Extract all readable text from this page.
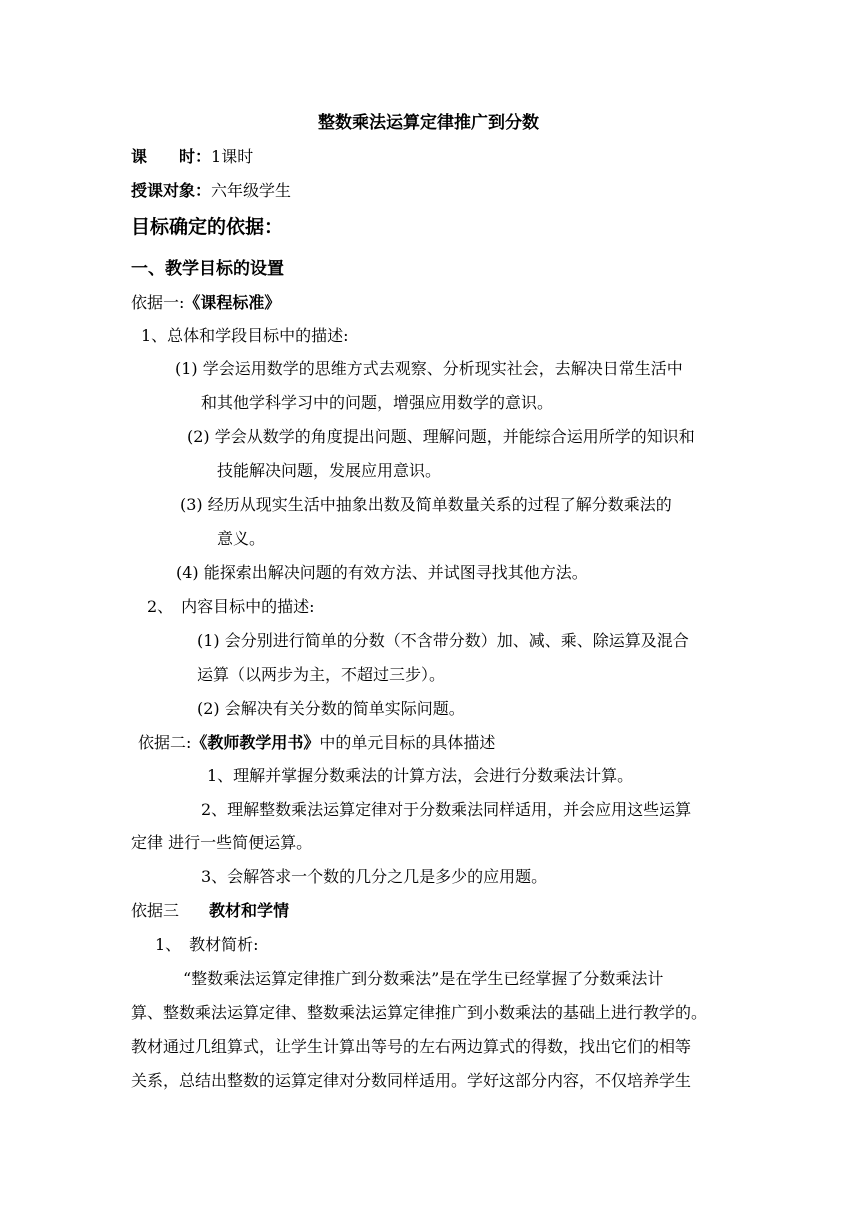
整数乘法运算定律推广到分数
课　　时：1课时
授课对象：六年级学生
目标确定的依据：
一、教学目标的设置
依据一:《课程标准》
1、总体和学段目标中的描述:
(1) 学会运用数学的思维方式去观察、分析现实社会，去解决日常生活中
和其他学科学习中的问题，增强应用数学的意识。
(2) 学会从数学的角度提出问题、理解问题，并能综合运用所学的知识和
技能解决问题，发展应用意识。
(3) 经历从现实生活中抽象出数及简单数量关系的过程了解分数乘法的
意义。
(4) 能探索出解决问题的有效方法、并试图寻找其他方法。
2、　内容目标中的描述:
(1) 会分别进行简单的分数（不含带分数）加、减、乘、除运算及混合
运算（以两步为主，不超过三步）。
(2) 会解决有关分数的简单实际问题。
依据二:《教师教学用书》中的单元目标的具体描述
1、理解并掌握分数乘法的计算方法，会进行分数乘法计算。
2、理解整数乘法运算定律对于分数乘法同样适用，并会应用这些运算
定律 进行一些简便运算。
3、会解答求一个数的几分之几是多少的应用题。
依据三 教材和学情
1、　教材简析:
“整数乘法运算定律推广到分数乘法”是在学生已经掌握了分数乘法计
算、整数乘法运算定律、整数乘法运算定律推广到小数乘法的基础上进行教学的。
教材通过几组算式，让学生计算出等号的左右两边算式的得数，找出它们的相等
关系，总结出整数的运算定律对分数同样适用。学好这部分内容，不仅培养学生
